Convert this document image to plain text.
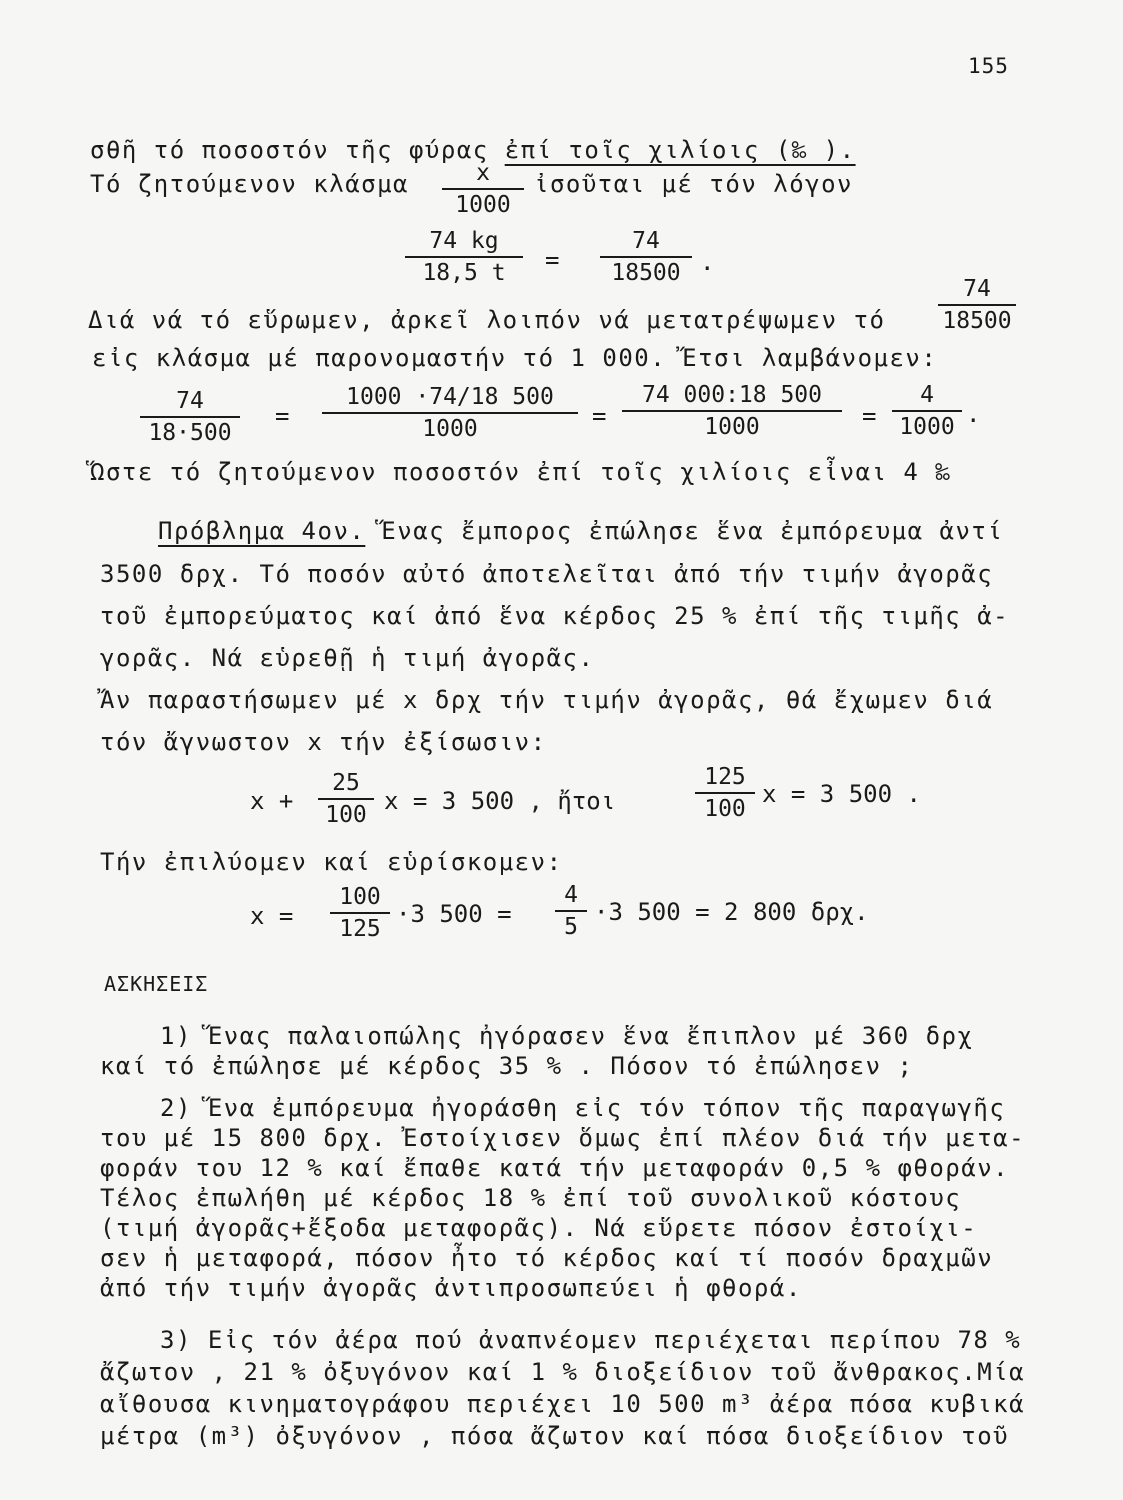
155
σθῆ τό ποσοστόν τῆς φύρας ἐπί τοῖς χιλίοις (‰ ).
Τό ζητούμενον κλάσμα $\frac{x}{1000}$ ἰσοῦται μέ τόν λόγον
$\frac{74 kg}{18,5 t} = \frac{74}{18500}$ .
Διά νά τό εὕρωμεν, ἀρκεῖ λοιπόν νά μετατρέψωμεν τό $\frac{74}{18500}$
εἰς κλάσμα μέ παρονομαστήν τό 1 000. Ἔτσι λαμβάνομεν:
$\frac{74}{18\cdot 500} = \frac{1000 \cdot 74/18 500}{1000} = \frac{74 000:18 500}{1000} = \frac{4}{1000}$ .
Ὥστε τό ζητούμενον ποσοστόν ἐπί τοῖς χιλίοις εἶναι 4 ‰
Πρόβλημα 4ον. Ἕνας ἔμπορος ἐπώλησε ἕνα ἐμπόρευμα ἀντί
3500 δρχ. Τό ποσόν αὐτό ἀποτελεῖται ἀπό τήν τιμήν ἀγορᾶς
τοῦ ἐμπορεύματος καί ἀπό ἕνα κέρδος 25 % ἐπί τῆς τιμῆς ἀ-
γορᾶς. Νά εὑρεθῇ ἡ τιμή ἀγορᾶς.
Ἄν παραστήσωμεν μέ x δρχ τήν τιμήν ἀγορᾶς, θά ἔχωμεν διά
τόν ἄγνωστον x τήν ἐξίσωσιν:
$x + \frac{25}{100}$ x = 3 500 , ἤτοι	$\frac{125}{100}$ x = 3 500 .
Τήν ἐπιλύομεν καί εὑρίσκομεν:
$x = \frac{100}{125} \cdot 3$ $500 = \frac{4}{5} \cdot 3$ 500 = 2 800 δρχ.
ΑΣΚΗΣΕΙΣ
1) Ἕνας παλαιοπώλης ἠγόρασεν ἕνα ἔπιπλον μέ 360 δρχ
καί τό ἐπώλησε μέ κέρδος 35 % . Πόσον τό ἐπώλησεν ;
2) Ἕνα ἐμπόρευμα ἠγοράσθη εἰς τόν τόπον τῆς παραγωγῆς
του μέ 15 800 δρχ. Ἐστοίχισεν ὅμως ἐπί πλέον διά τήν μετα-
φοράν του 12 % καί ἔπαθε κατά τήν μεταφοράν 0,5 % φθοράν.
Τέλος ἐπωλήθη μέ κέρδος 18 % ἐπί τοῦ συνολικοῦ κόστους
(τιμή ἀγορᾶς+ἔξοδα μεταφορᾶς). Νά εὕρετε πόσον ἐστοίχι-
σεν ἡ μεταφορά, πόσον ἦτο τό κέρδος καί τί ποσόν δραχμῶν
ἀπό τήν τιμήν ἀγορᾶς ἀντιπροσωπεύει ἡ φθορά.
3) Εἰς τόν ἀέρα πού ἀναπνέομεν περιέχεται περίπου 78 %
ἄζωτον , 21 % ὀξυγόνον καί 1 % διοξείδιον τοῦ ἄνθρακος.Μία
αἴθουσα κινηματογράφου περιέχει 10 500 m³ ἀέρα πόσα κυβικά
μέτρα (m³) ὀξυγόνον , πόσα ἄζωτον καί πόσα διοξείδιον τοῦ
